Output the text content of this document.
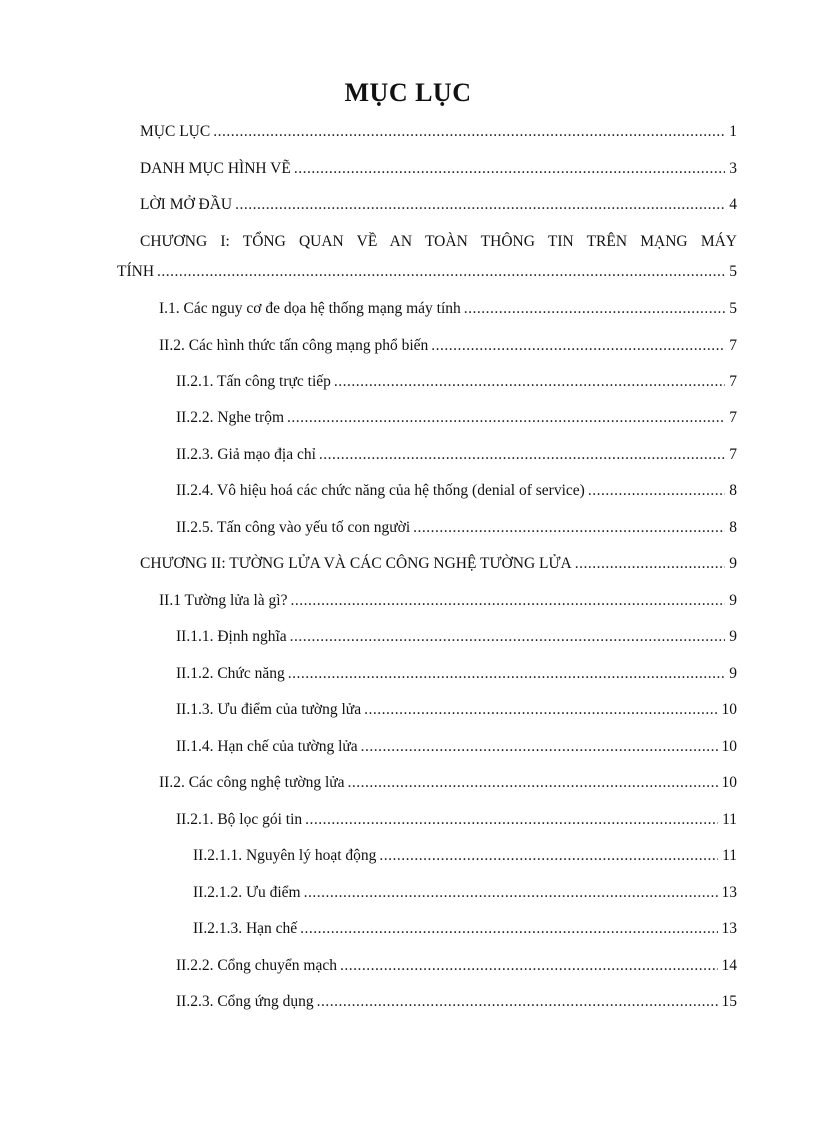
MỤC LỤC
MỤC LỤC .....	1
DANH MỤC HÌNH VẼ .....	3
LỜI MỞ ĐẦU .....	4
CHƯƠNG I: TỔNG QUAN VỀ AN TOÀN THÔNG TIN TRÊN MẠNG MÁY
TÍNH .....	5
I.1. Các nguy cơ đe dọa hệ thống mạng máy tính .....	5
II.2. Các hình thức tấn công mạng phổ biến .....	7
II.2.1. Tấn công trực tiếp .....	7
II.2.2. Nghe trộm .....	7
II.2.3. Giả mạo địa chỉ .....	7
II.2.4. Vô hiệu hoá các chức năng của hệ thống (denial of service) .....	8
II.2.5. Tấn công vào yếu tố con người .....	8
CHƯƠNG II: TƯỜNG LỬA VÀ CÁC CÔNG NGHỆ TƯỜNG LỬA .....	9
II.1 Tường lửa là gì? .....	9
II.1.1. Định nghĩa .....	9
II.1.2. Chức năng .....	9
II.1.3. Ưu điểm của tường lửa .....	10
II.1.4. Hạn chế của tường lửa .....	10
II.2. Các công nghệ tường lửa .....	10
II.2.1. Bộ lọc gói tin .....	11
II.2.1.1. Nguyên lý hoạt động .....	11
II.2.1.2. Ưu điểm .....	13
II.2.1.3. Hạn chế .....	13
II.2.2. Cổng chuyển mạch .....	14
II.2.3. Cổng ứng dụng .....	15
